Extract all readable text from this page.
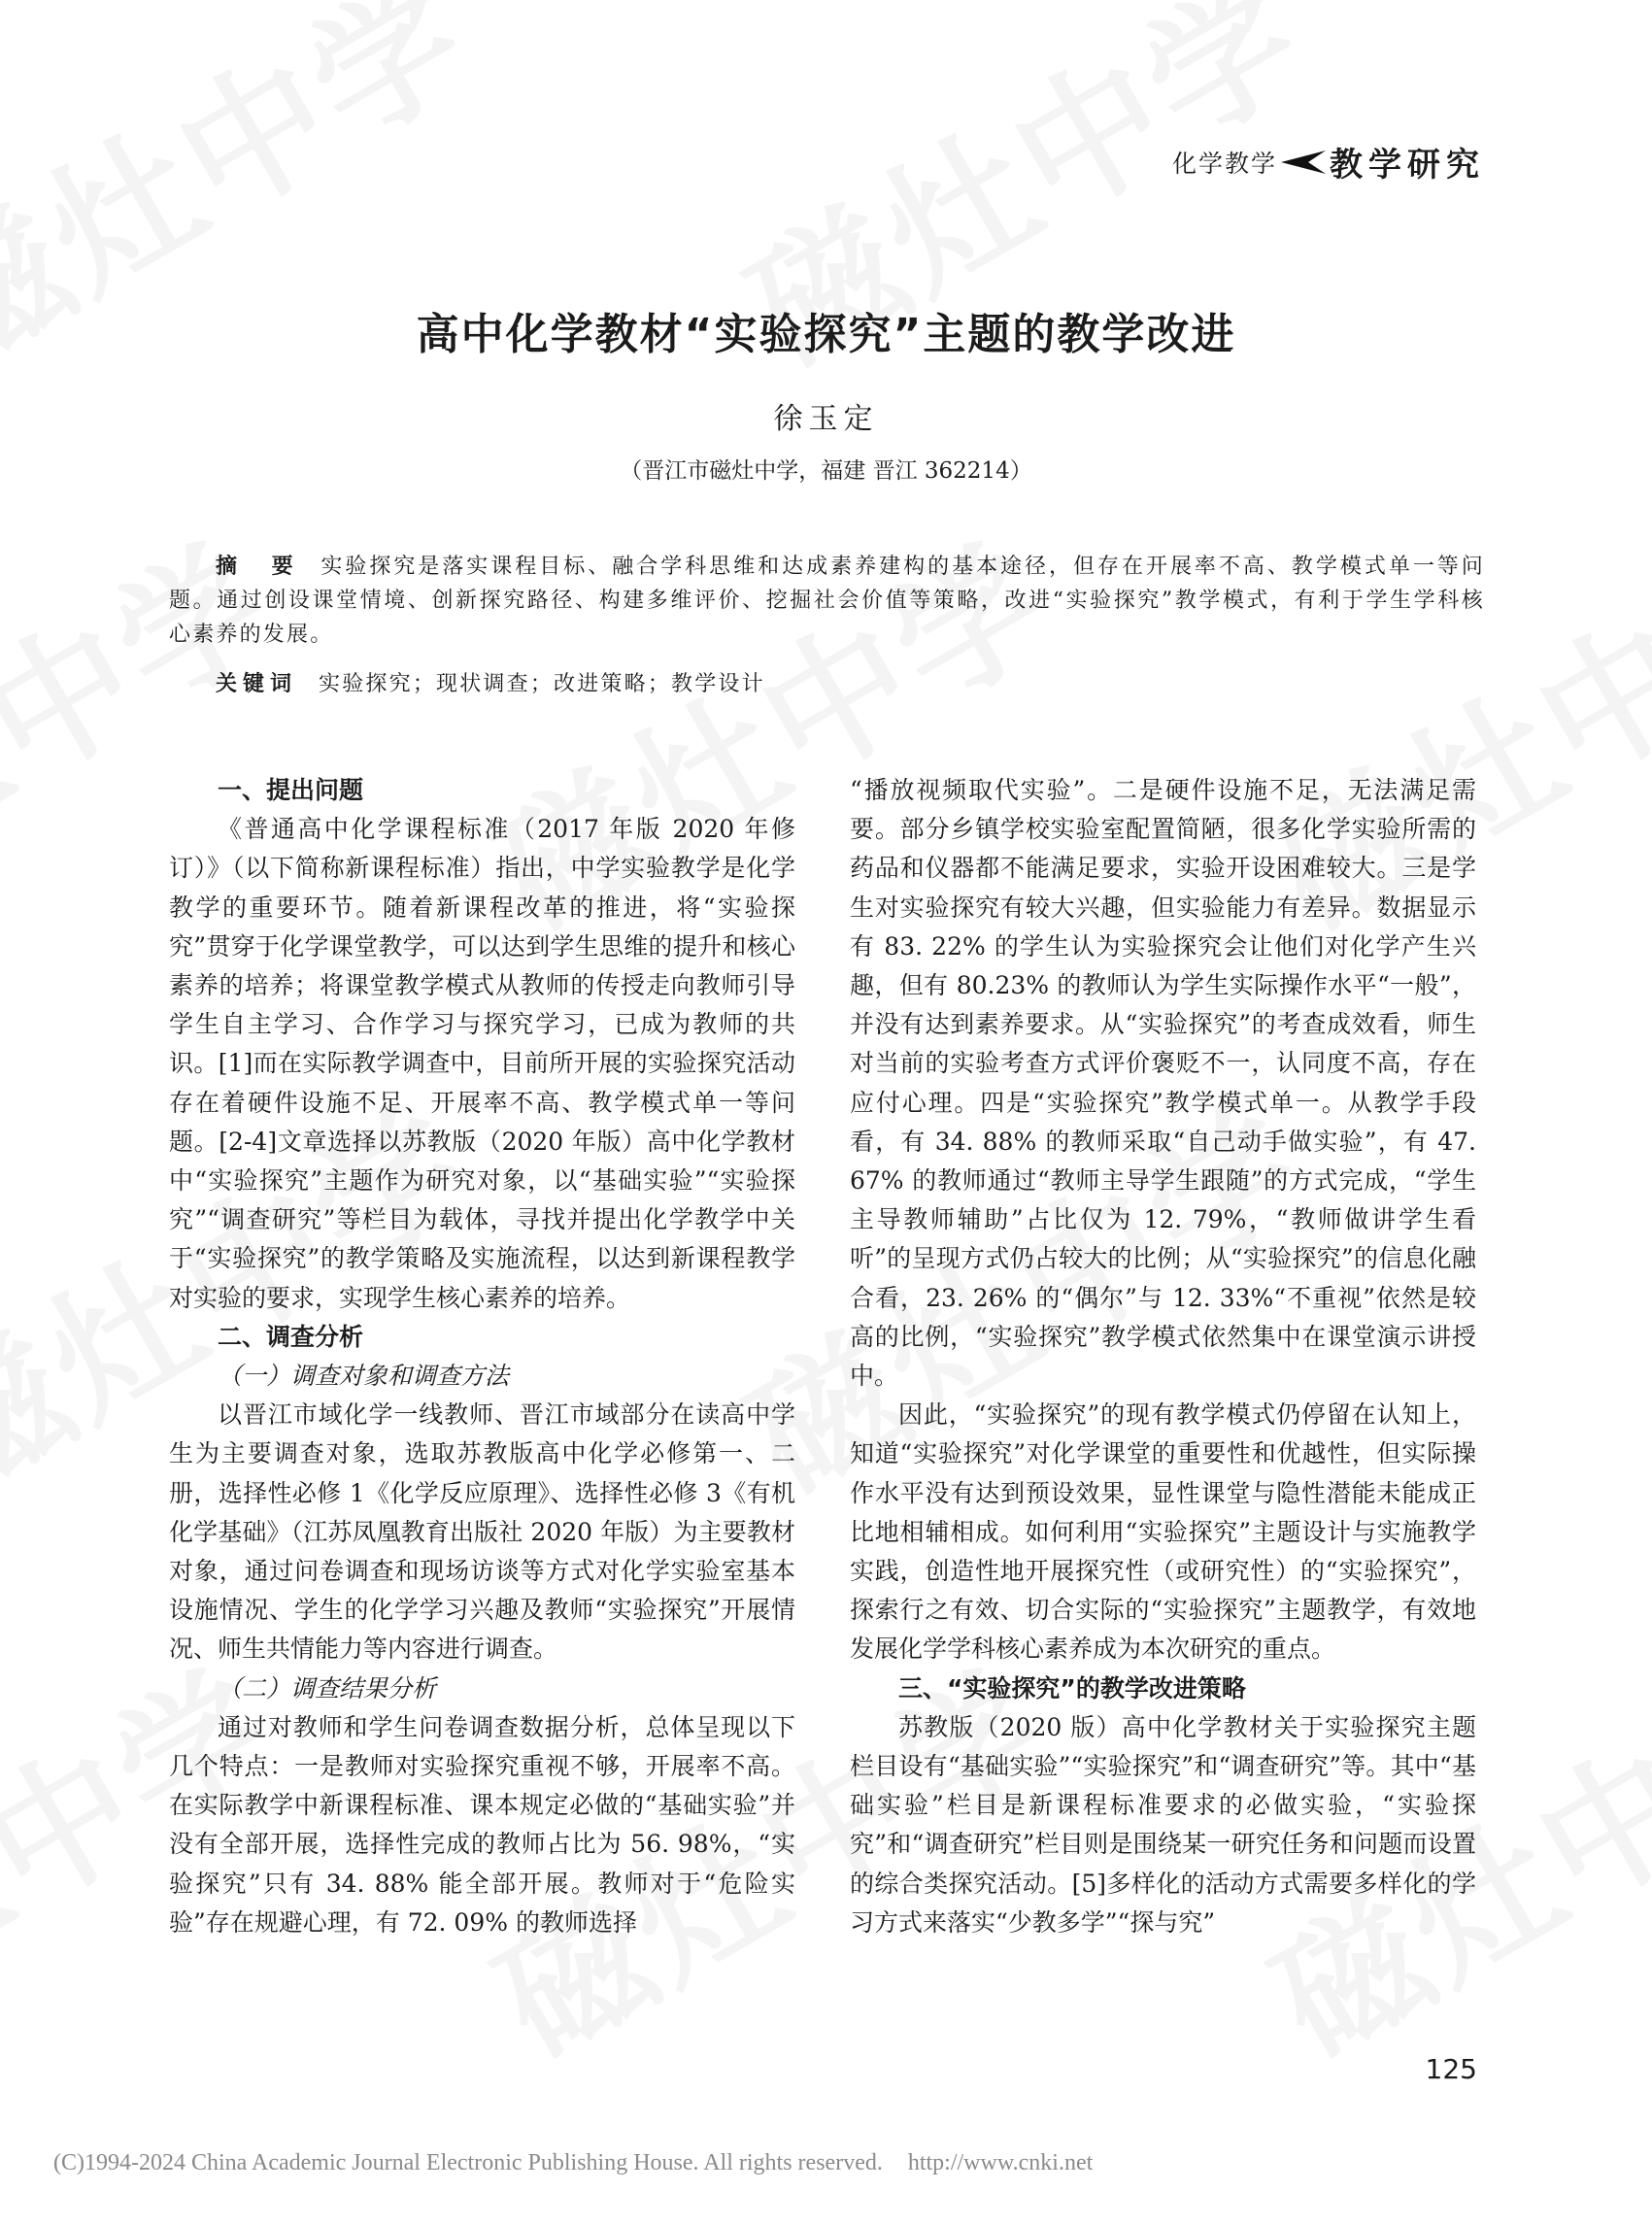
化学教学 教学研究
高中化学教材“实验探究”主题的教学改进
徐玉定
（晋江市磁灶中学，福建 晋江 362214）
摘　要 实验探究是落实课程目标、融合学科思维和达成素养建构的基本途径，但存在开展率不高、教学模式单一等问题。通过创设课堂情境、创新探究路径、构建多维评价、挖掘社会价值等策略，改进“实验探究”教学模式，有利于学生学科核心素养的发展。
关键词 实验探究；现状调查；改进策略；教学设计

一、提出问题

《普通高中化学课程标准（2017 年版 2020 年修订）》（以下简称新课程标准）指出，中学实验教学是化学教学的重要环节。随着新课程改革的推进，将“实验探究”贯穿于化学课堂教学，可以达到学生思维的提升和核心素养的培养；将课堂教学模式从教师的传授走向教师引导学生自主学习、合作学习与探究学习，已成为教师的共识。[1]而在实际教学调查中，目前所开展的实验探究活动存在着硬件设施不足、开展率不高、教学模式单一等问题。[2-4]文章选择以苏教版（2020 年版）高中化学教材中“实验探究”主题作为研究对象，以“基础实验”“实验探究”“调查研究”等栏目为载体，寻找并提出化学教学中关于“实验探究”的教学策略及实施流程，以达到新课程教学对实验的要求，实现学生核心素养的培养。

二、调查分析

（一）调查对象和调查方法

以晋江市域化学一线教师、晋江市域部分在读高中学生为主要调查对象，选取苏教版高中化学必修第一、二册，选择性必修 1《化学反应原理》、选择性必修 3《有机化学基础》（江苏凤凰教育出版社 2020 年版）为主要教材对象，通过问卷调查和现场访谈等方式对化学实验室基本设施情况、学生的化学学习兴趣及教师“实验探究”开展情况、师生共情能力等内容进行调查。

（二）调查结果分析

通过对教师和学生问卷调查数据分析，总体呈现以下几个特点：一是教师对实验探究重视不够，开展率不高。在实际教学中新课程标准、课本规定必做的“基础实验”并没有全部开展，选择性完成的教师占比为 56. 98%，“实验探究”只有 34. 88% 能全部开展。教师对于“危险实验”存在规避心理，有 72. 09% 的教师选择

“播放视频取代实验”。二是硬件设施不足，无法满足需要。部分乡镇学校实验室配置简陋，很多化学实验所需的药品和仪器都不能满足要求，实验开设困难较大。三是学生对实验探究有较大兴趣，但实验能力有差异。数据显示有 83. 22% 的学生认为实验探究会让他们对化学产生兴趣，但有 80.23% 的教师认为学生实际操作水平“一般”，并没有达到素养要求。从“实验探究”的考查成效看，师生对当前的实验考查方式评价褒贬不一，认同度不高，存在应付心理。四是“实验探究”教学模式单一。从教学手段看，有 34. 88% 的教师采取“自己动手做实验”，有 47. 67% 的教师通过“教师主导学生跟随”的方式完成，“学生主导教师辅助”占比仅为 12. 79%，“教师做讲学生看听”的呈现方式仍占较大的比例；从“实验探究”的信息化融合看，23. 26% 的“偶尔”与 12. 33%“不重视”依然是较高的比例，“实验探究”教学模式依然集中在课堂演示讲授中。

因此，“实验探究”的现有教学模式仍停留在认知上，知道“实验探究”对化学课堂的重要性和优越性，但实际操作水平没有达到预设效果，显性课堂与隐性潜能未能成正比地相辅相成。如何利用“实验探究”主题设计与实施教学实践，创造性地开展探究性（或研究性）的“实验探究”，探索行之有效、切合实际的“实验探究”主题教学，有效地发展化学学科核心素养成为本次研究的重点。

三、“实验探究”的教学改进策略

苏教版（2020 版）高中化学教材关于实验探究主题栏目设有“基础实验”“实验探究”和“调查研究”等。其中“基础实验”栏目是新课程标准要求的必做实验，“实验探究”和“调查研究”栏目则是围绕某一研究任务和问题而设置的综合类探究活动。[5]多样化的活动方式需要多样化的学习方式来落实“少教多学”“探与究”

125
(C)1994-2024 China Academic Journal Electronic Publishing House. All rights reserved. http://www.cnki.net
